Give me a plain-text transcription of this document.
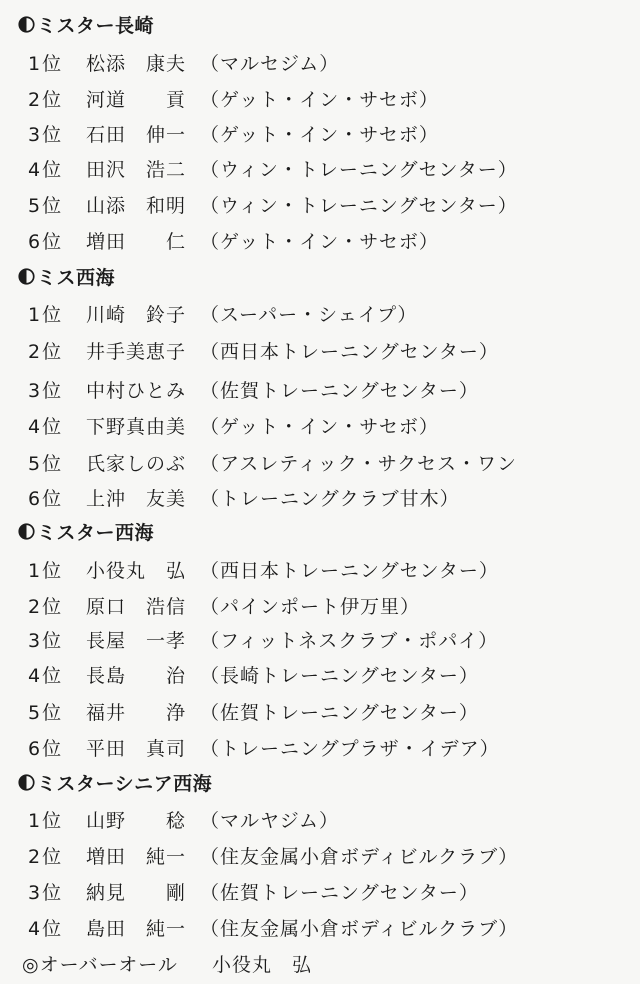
ミスター長崎
1位 松添　康夫 （マルセジム）
2位 河道　　貢 （ゲット・イン・サセボ）
3位 石田　伸一 （ゲット・イン・サセボ）
4位 田沢　浩二 （ウィン・トレーニングセンター）
5位 山添　和明 （ウィン・トレーニングセンター）
6位 増田　　仁 （ゲット・イン・サセボ）
ミス西海
1位 川崎　鈴子 （スーパー・シェイプ）
2位 井手美恵子 （西日本トレーニングセンター）
3位 中村ひとみ （佐賀トレーニングセンター）
4位 下野真由美 （ゲット・イン・サセボ）
5位 氏家しのぶ （アスレティック・サクセス・ワン
6位 上沖　友美 （トレーニングクラブ甘木）
ミスター西海
1位 小役丸　弘 （西日本トレーニングセンター）
2位 原口　浩信 （パインポート伊万里）
3位 長屋　一孝 （フィットネスクラブ・ポパイ）
4位 長島　　治 （長崎トレーニングセンター）
5位 福井　　浄 （佐賀トレーニングセンター）
6位 平田　真司 （トレーニングプラザ・イデア）
ミスターシニア西海
1位 山野　　稔 （マルヤジム）
2位 増田　純一 （住友金属小倉ボディビルクラブ）
3位 納見　　剛 （佐賀トレーニングセンター）
4位 島田　純一 （住友金属小倉ボディビルクラブ）
◎オーバーオール 小役丸　弘
